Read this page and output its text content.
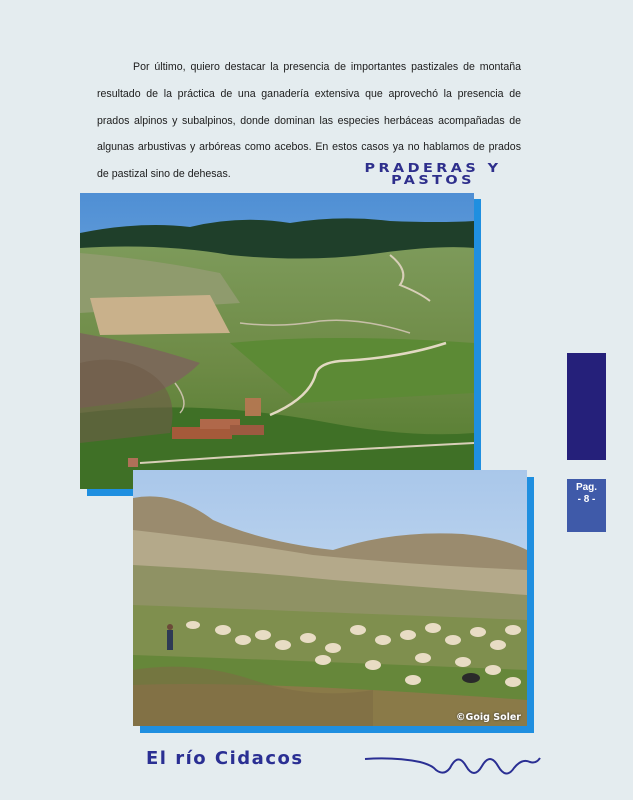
Por último, quiero destacar la presencia de importantes pastizales de montaña resultado de la práctica de una ganadería extensiva que aprovechó la presencia de prados alpinos y subalpinos, donde dominan las especies herbáceas acompañadas de algunas arbustivas y arbóreas como acebos. En estos casos ya no hablamos de prados de pastizal sino de dehesas.	PRADERAS Y
PASTOS
©Goig Soler
Pag.
- 8 -
El río Cidacos
